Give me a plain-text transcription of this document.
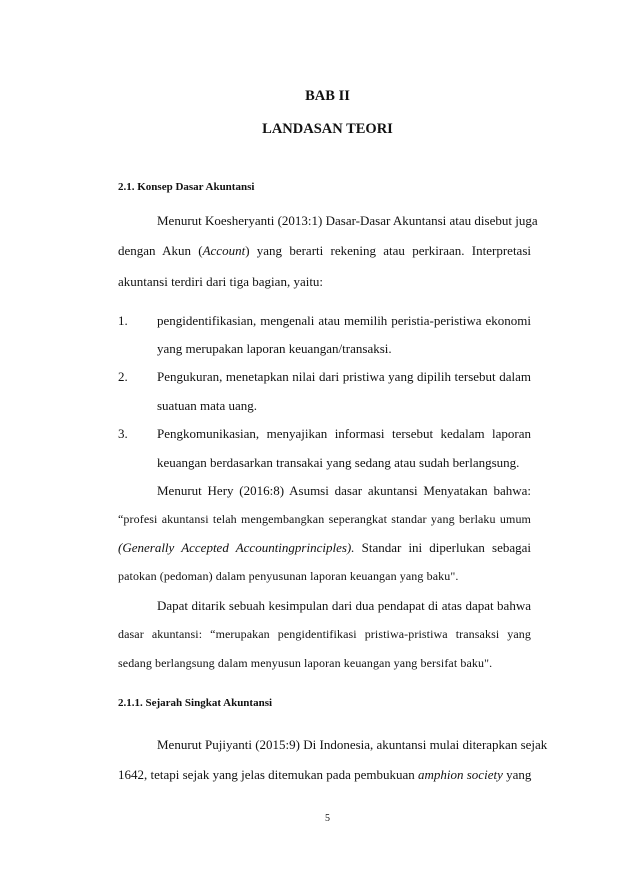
BAB II
LANDASAN TEORI
2.1. Konsep Dasar Akuntansi
Menurut Koesheryanti (2013:1) Dasar-Dasar Akuntansi atau disebut juga
dengan Akun (Account) yang berarti rekening atau perkiraan. Interpretasi
akuntansi terdiri dari tiga bagian, yaitu:
1. pengidentifikasian, mengenali atau memilih peristia-peristiwa ekonomi
yang merupakan laporan keuangan/transaksi.
2. Pengukuran, menetapkan nilai dari pristiwa yang dipilih tersebut dalam
suatuan mata uang.
3. Pengkomunikasian, menyajikan informasi tersebut kedalam laporan
keuangan berdasarkan transakai yang sedang atau sudah berlangsung.
Menurut Hery (2016:8) Asumsi dasar akuntansi Menyatakan bahwa:
“profesi akuntansi telah mengembangkan seperangkat standar yang berlaku umum
(Generally Accepted Accountingprinciples). Standar ini diperlukan sebagai
patokan (pedoman) dalam penyusunan laporan keuangan yang baku".
Dapat ditarik sebuah kesimpulan dari dua pendapat di atas dapat bahwa
dasar akuntansi: “merupakan pengidentifikasi pristiwa-pristiwa transaksi yang
sedang berlangsung dalam menyusun laporan keuangan yang bersifat baku".
2.1.1. Sejarah Singkat Akuntansi
Menurut Pujiyanti (2015:9) Di Indonesia, akuntansi mulai diterapkan sejak
1642, tetapi sejak yang jelas ditemukan pada pembukuan amphion society yang
5
